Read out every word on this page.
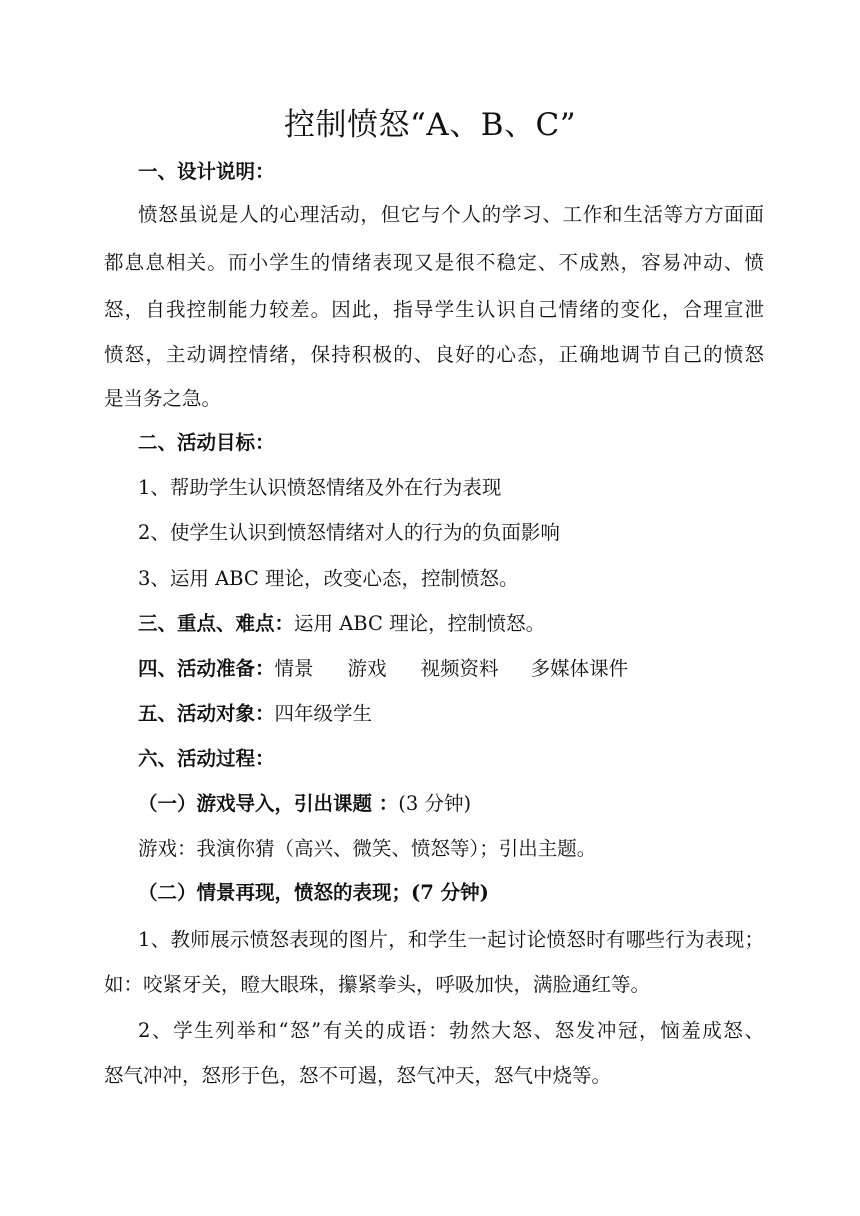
控制愤怒“A、B、C”
一、设计说明：
愤怒虽说是人的心理活动，但它与个人的学习、工作和生活等方方面面
都息息相关。而小学生的情绪表现又是很不稳定、不成熟，容易冲动、愤
怒，自我控制能力较差。因此，指导学生认识自己情绪的变化，合理宣泄
愤怒，主动调控情绪，保持积极的、良好的心态，正确地调节自己的愤怒
是当务之急。
二、活动目标：
1、帮助学生认识愤怒情绪及外在行为表现
2、使学生认识到愤怒情绪对人的行为的负面影响
3、运用 ABC 理论，改变心态，控制愤怒。
三、重点、难点：运用 ABC 理论，控制愤怒。
四、活动准备：情景 游戏 视频资料 多媒体课件
五、活动对象：四年级学生
六、活动过程：
（一）游戏导入，引出课题 ：(3 分钟)
游戏：我演你猜（高兴、微笑、愤怒等）；引出主题。
（二）情景再现，愤怒的表现；(7 分钟)
1、教师展示愤怒表现的图片，和学生一起讨论愤怒时有哪些行为表现；
如：咬紧牙关，瞪大眼珠，攥紧拳头，呼吸加快，满脸通红等。
2、学生列举和“怒”有关的成语：勃然大怒、怒发冲冠，恼羞成怒、
怒气冲冲，怒形于色，怒不可遏，怒气冲天，怒气中烧等。
